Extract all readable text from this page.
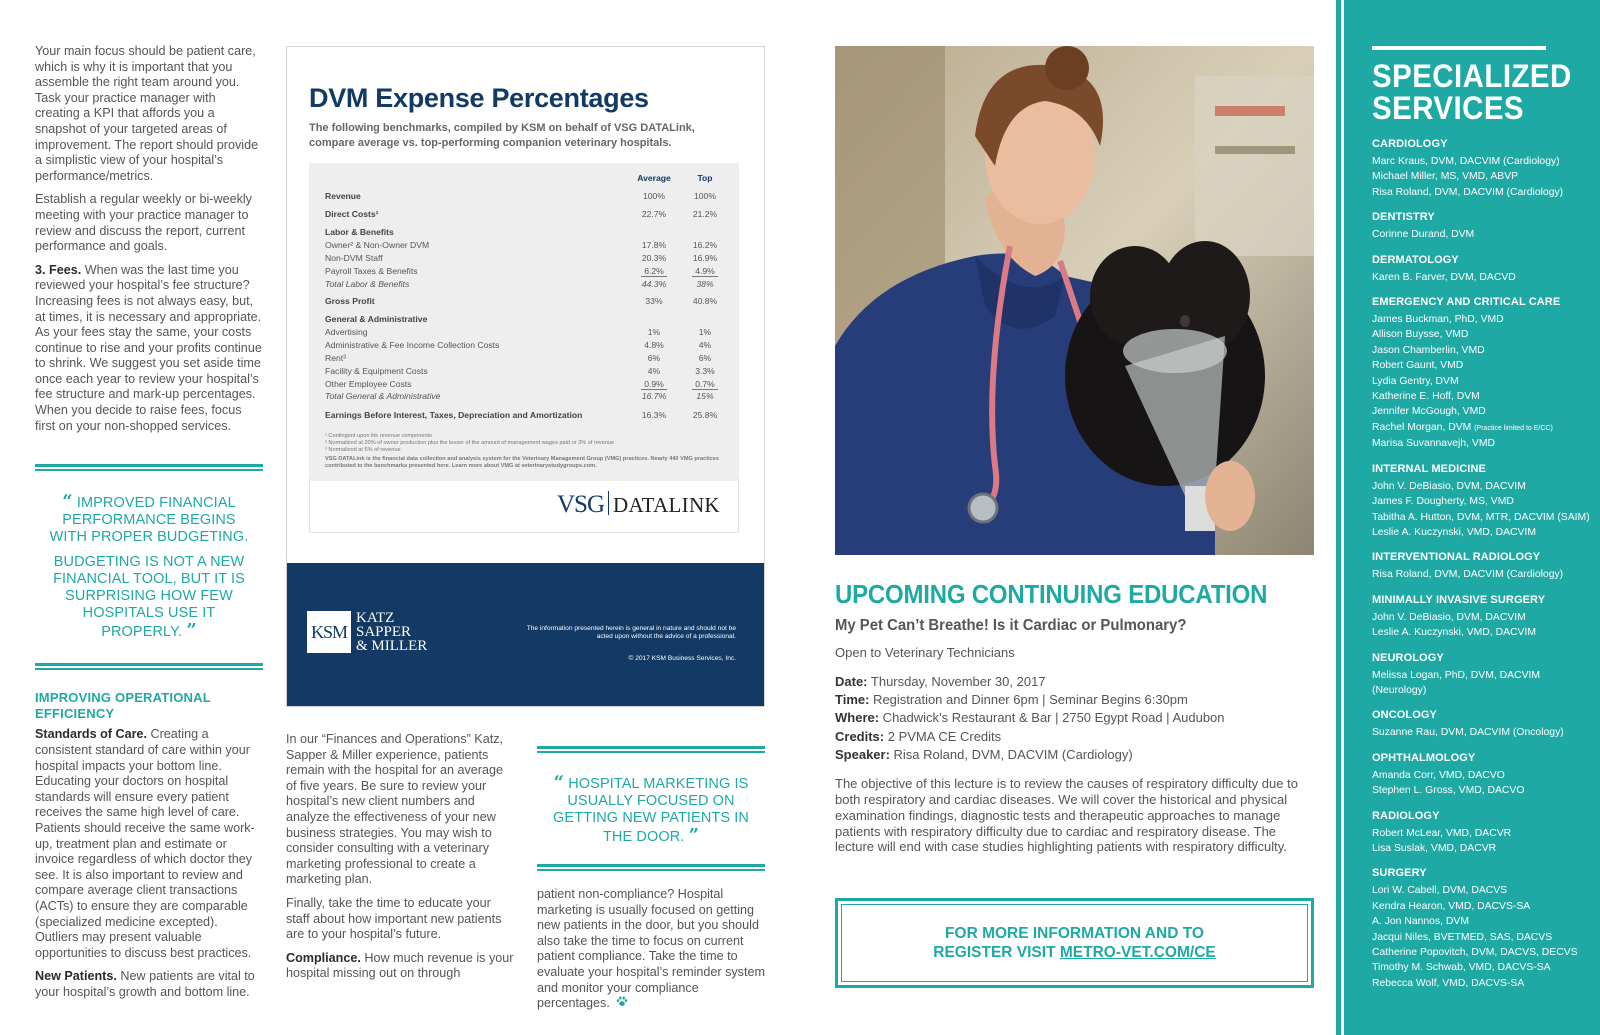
Your main focus should be patient care, which is why it is important that you assemble the right team around you. Task your practice manager with creating a KPI that affords you a snapshot of your targeted areas of improvement. The report should provide a simplistic view of your hospital’s performance/metrics.

Establish a regular weekly or bi-weekly meeting with your practice manager to review and discuss the report, current performance and goals.

3. Fees. When was the last time you reviewed your hospital’s fee structure? Increasing fees is not always easy, but, at times, it is necessary and appropriate. As your fees stay the same, your costs continue to rise and your profits continue to shrink. We suggest you set aside time once each year to review your hospital’s fee structure and mark-up percentages. When you decide to raise fees, focus first on your non-shopped services.

“ IMPROVED FINANCIAL PERFORMANCE BEGINS WITH PROPER BUDGETING.

BUDGETING IS NOT A NEW FINANCIAL TOOL, BUT IT IS SURPRISING HOW FEW HOSPITALS USE IT PROPERLY. ”

IMPROVING OPERATIONAL EFFICIENCY

Standards of Care. Creating a consistent standard of care within your hospital impacts your bottom line. Educating your doctors on hospital standards will ensure every patient receives the same high level of care. Patients should receive the same work-up, treatment plan and estimate or invoice regardless of which doctor they see. It is also important to review and compare average client transactions (ACTs) to ensure they are comparable (specialized medicine excepted). Outliers may present valuable opportunities to discuss best practices.

New Patients. New patients are vital to your hospital’s growth and bottom line.

DVM Expense Percentages
The following benchmarks, compiled by KSM on behalf of VSG DATALink, compare average vs. top-performing companion veterinary hospitals.
Average	Top
Revenue	100%	100%
Direct Costs¹	22.7%	21.2%
Labor & Benefits
Owner² & Non-Owner DVM	17.8%	16.2%
Non-DVM Staff	20.3%	16.9%
Payroll Taxes & Benefits	6.2%	4.9%
Total Labor & Benefits	44.3%	38%
Gross Profit	33%	40.8%
General & Administrative
Advertising	1%	1%
Administrative & Fee Income Collection Costs	4.8%	4%
Rent³	6%	6%
Facility & Equipment Costs	4%	3.3%
Other Employee Costs	0.9%	0.7%
Total General & Administrative	16.7%	15%
Earnings Before Interest, Taxes, Depreciation and Amortization	16.3%	25.8%
¹ Contingent upon lite revenue components
² Normalized at 20% of owner production plus the lesser of the amount of management wages paid or 3% of revenue
³ Normalized at 6% of revenue
VSG DATALink is the financial data collection and analysis system for the Veterinary Management Group (VMG) practices. Nearly 440 VMG practices contributed to the benchmarks presented here. Learn more about VMG at veterinarystudygroups.com.
VSG DATALINK
KSM
KATZ
SAPPER
& MILLER
The information presented herein is general in nature and should not be acted upon without the advice of a professional.
© 2017 KSM Business Services, Inc.

In our “Finances and Operations” Katz, Sapper & Miller experience, patients remain with the hospital for an average of five years. Be sure to review your hospital’s new client numbers and analyze the effectiveness of your new business strategies. You may wish to consider consulting with a veterinary marketing professional to create a marketing plan.

Finally, take the time to educate your staff about how important new patients are to your hospital’s future.

Compliance. How much revenue is your hospital missing out on through

“ HOSPITAL MARKETING IS USUALLY FOCUSED ON GETTING NEW PATIENTS IN THE DOOR. ”

patient non-compliance? Hospital marketing is usually focused on getting new patients in the door, but you should also take the time to focus on current patient compliance. Take the time to evaluate your hospital’s reminder system and monitor your compliance percentages.

UPCOMING CONTINUING EDUCATION
My Pet Can’t Breathe! Is it Cardiac or Pulmonary?
Open to Veterinary Technicians
Date: Thursday, November 30, 2017
Time: Registration and Dinner 6pm | Seminar Begins 6:30pm
Where: Chadwick’s Restaurant & Bar | 2750 Egypt Road | Audubon
Credits: 2 PVMA CE Credits
Speaker: Risa Roland, DVM, DACVIM (Cardiology)
The objective of this lecture is to review the causes of respiratory difficulty due to both respiratory and cardiac diseases. We will cover the historical and physical examination findings, diagnostic tests and therapeutic approaches to manage patients with respiratory difficulty due to cardiac and respiratory disease. The lecture will end with case studies highlighting patients with respiratory difficulty.
FOR MORE INFORMATION AND TO
REGISTER VISIT METRO-VET.COM/CE
SPECIALIZED
SERVICES
CARDIOLOGY
Marc Kraus, DVM, DACVIM (Cardiology)
Michael Miller, MS, VMD, ABVP
Risa Roland, DVM, DACVIM (Cardiology)
DENTISTRY
Corinne Durand, DVM
DERMATOLOGY
Karen B. Farver, DVM, DACVD
EMERGENCY AND CRITICAL CARE
James Buckman, PhD, VMD
Allison Buysse, VMD
Jason Chamberlin, VMD
Robert Gaunt, VMD
Lydia Gentry, DVM
Katherine E. Hoff, DVM
Jennifer McGough, VMD
Rachel Morgan, DVM (Practice limited to E/CC)
Marisa Suvannavejh, VMD
INTERNAL MEDICINE
John V. DeBiasio, DVM, DACVIM
James F. Dougherty, MS, VMD
Tabitha A. Hutton, DVM, MTR, DACVIM (SAIM)
Leslie A. Kuczynski, VMD, DACVIM
INTERVENTIONAL RADIOLOGY
Risa Roland, DVM, DACVIM (Cardiology)
MINIMALLY INVASIVE SURGERY
John V. DeBiasio, DVM, DACVIM
Leslie A. Kuczynski, VMD, DACVIM
NEUROLOGY
Melissa Logan, PhD, DVM, DACVIM (Neurology)
ONCOLOGY
Suzanne Rau, DVM, DACVIM (Oncology)
OPHTHALMOLOGY
Amanda Corr, VMD, DACVO
Stephen L. Gross, VMD, DACVO
RADIOLOGY
Robert McLear, VMD, DACVR
Lisa Suslak, VMD, DACVR
SURGERY
Lori W. Cabell, DVM, DACVS
Kendra Hearon, VMD, DACVS-SA
A. Jon Nannos, DVM
Jacqui Niles, BVETMED, SAS, DACVS
Catherine Popovitch, DVM, DACVS, DECVS
Timothy M. Schwab, VMD, DACVS-SA
Rebecca Wolf, VMD, DACVS-SA
